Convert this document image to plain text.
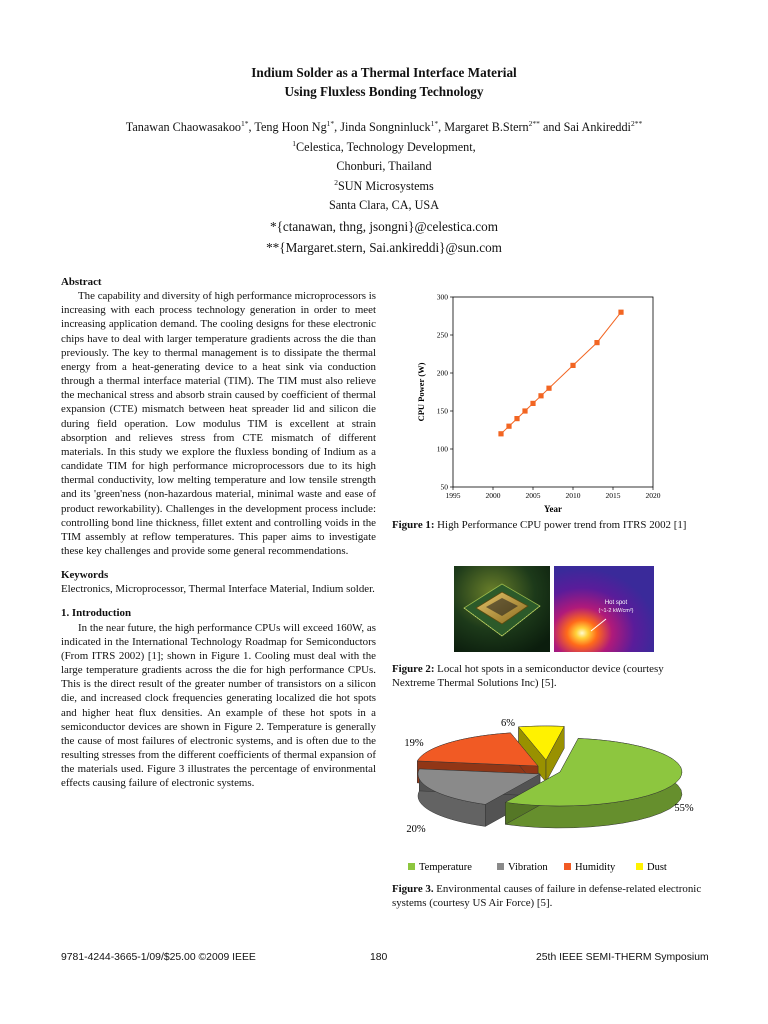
Indium Solder as a Thermal Interface Material
Using Fluxless Bonding Technology
Tanawan Chaowasakoo$^{1*}$, Teng Hoon $Ng^{1*}$, Jinda Songninluck$^{1*}$, Margaret B.Stern$^{2**}$ and Sai Ankireddi$^{2**}$
$^1$Celestica, Technology Development,
Chonburi, Thailand
$^2$SUN Microsystems
Santa Clara, CA, USA
*{ctanawan, thng, jsongni}@celestica.com
**{Margaret.stern, Sai.ankireddi}@sun.com
Abstract

The capability and diversity of high performance microprocessors is increasing with each process technology generation in order to meet increasing application demand. The cooling designs for these electronic chips have to deal with larger temperature gradients across the die than previously. The key to thermal management is to dissipate the thermal energy from a heat-generating device to a heat sink via conduction through a thermal interface material (TIM). The TIM must also relieve the mechanical stress and absorb strain caused by coefficient of thermal expansion (CTE) mismatch between heat spreader lid and silicon die during field operation. Low modulus TIM is excellent at strain absorption and relieves stress from CTE mismatch of different materials. In this study we explore the fluxless bonding of Indium as a candidate TIM for high performance microprocessors due to its high thermal conductivity, low melting temperature and low tensile strength and its 'green'ness (non-hazardous material, minimal waste and ease of product reworkability). Challenges in the development process include: controlling bond line thickness, fillet extent and controlling voids in the TIM assembly at reflow temperatures. This paper aims to investigate these key challenges and provide some general recommendations.

Keywords

Electronics, Microprocessor, Thermal Interface Material, Indium solder.

1. Introduction

In the near future, the high performance CPUs will exceed 160W, as indicated in the International Technology Roadmap for Semiconductors (From ITRS 2002) [1]; shown in Figure 1. Cooling must deal with the large temperature gradients across the die for high performance CPUs. This is the direct result of the greater number of transistors on a silicon die, and increased clock frequencies generating localized die hot spots and higher heat flux densities. An example of these hot spots in a semiconductor devices are shown in Figure 2. Temperature is generally the cause of most failures of electronic systems, and is often due to the resulting stresses from the different coefficients of thermal expansion of the materials used. Figure 3 illustrates the percentage of environmental effects causing failure of electronic systems.

1995	2000	2005	2010	2015	2020
50
100
150
200
250
300
Year
CPU Power (W)
Figure 1: High Performance CPU power trend from ITRS 2002 [1]
Hot spot
(~1-2 kW/cm²)
Figure 2: Local hot spots in a semiconductor device (courtesy Nextreme Thermal Solutions Inc) [5].
55%
20%
19%
6%
Temperature	Vibration	Humidity	Dust
Figure 3. Environmental causes of failure in defense-related electronic systems (courtesy US Air Force) [5].
9781-4244-3665-1/09/$25.00 ©2009 IEEE	180	25th IEEE SEMI-THERM Symposium
